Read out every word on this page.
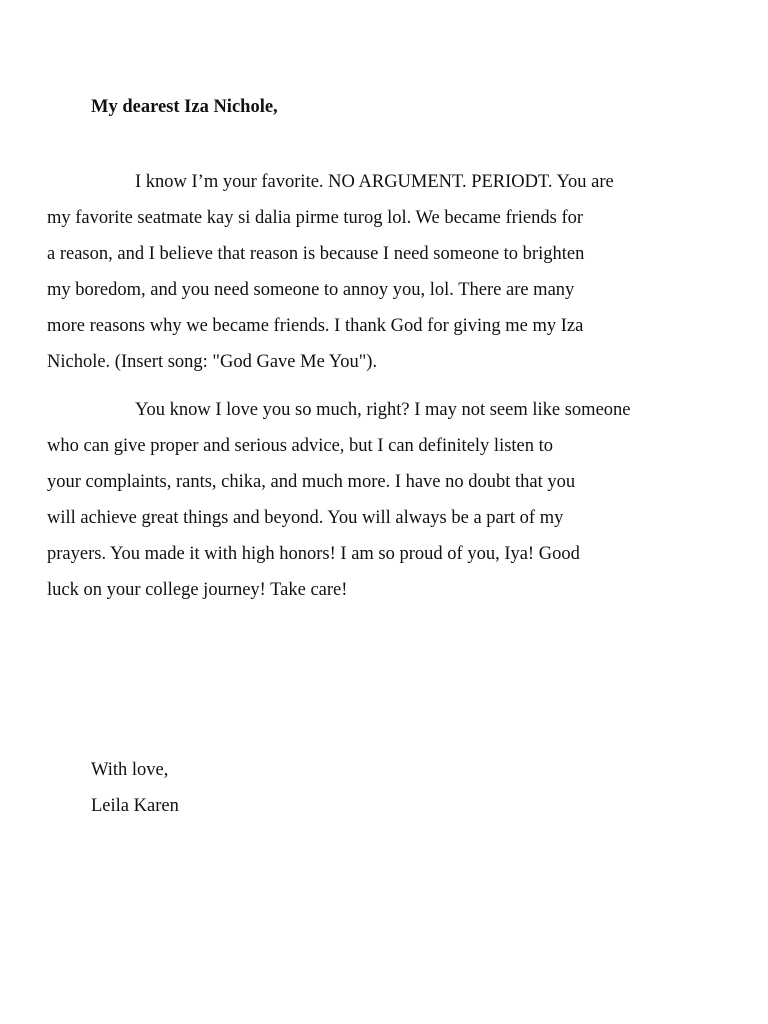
My dearest Iza Nichole,

I know I’m your favorite. NO ARGUMENT. PERIODT. You are
my favorite seatmate kay si dalia pirme turog lol. We became friends for
a reason, and I believe that reason is because I need someone to brighten
my boredom, and you need someone to annoy you, lol. There are many
more reasons why we became friends. I thank God for giving me my Iza
Nichole. (Insert song: "God Gave Me You").

You know I love you so much, right? I may not seem like someone
who can give proper and serious advice, but I can definitely listen to
your complaints, rants, chika, and much more. I have no doubt that you
will achieve great things and beyond. You will always be a part of my
prayers. You made it with high honors! I am so proud of you, Iya! Good
luck on your college journey! Take care!

With love,
Leila Karen
